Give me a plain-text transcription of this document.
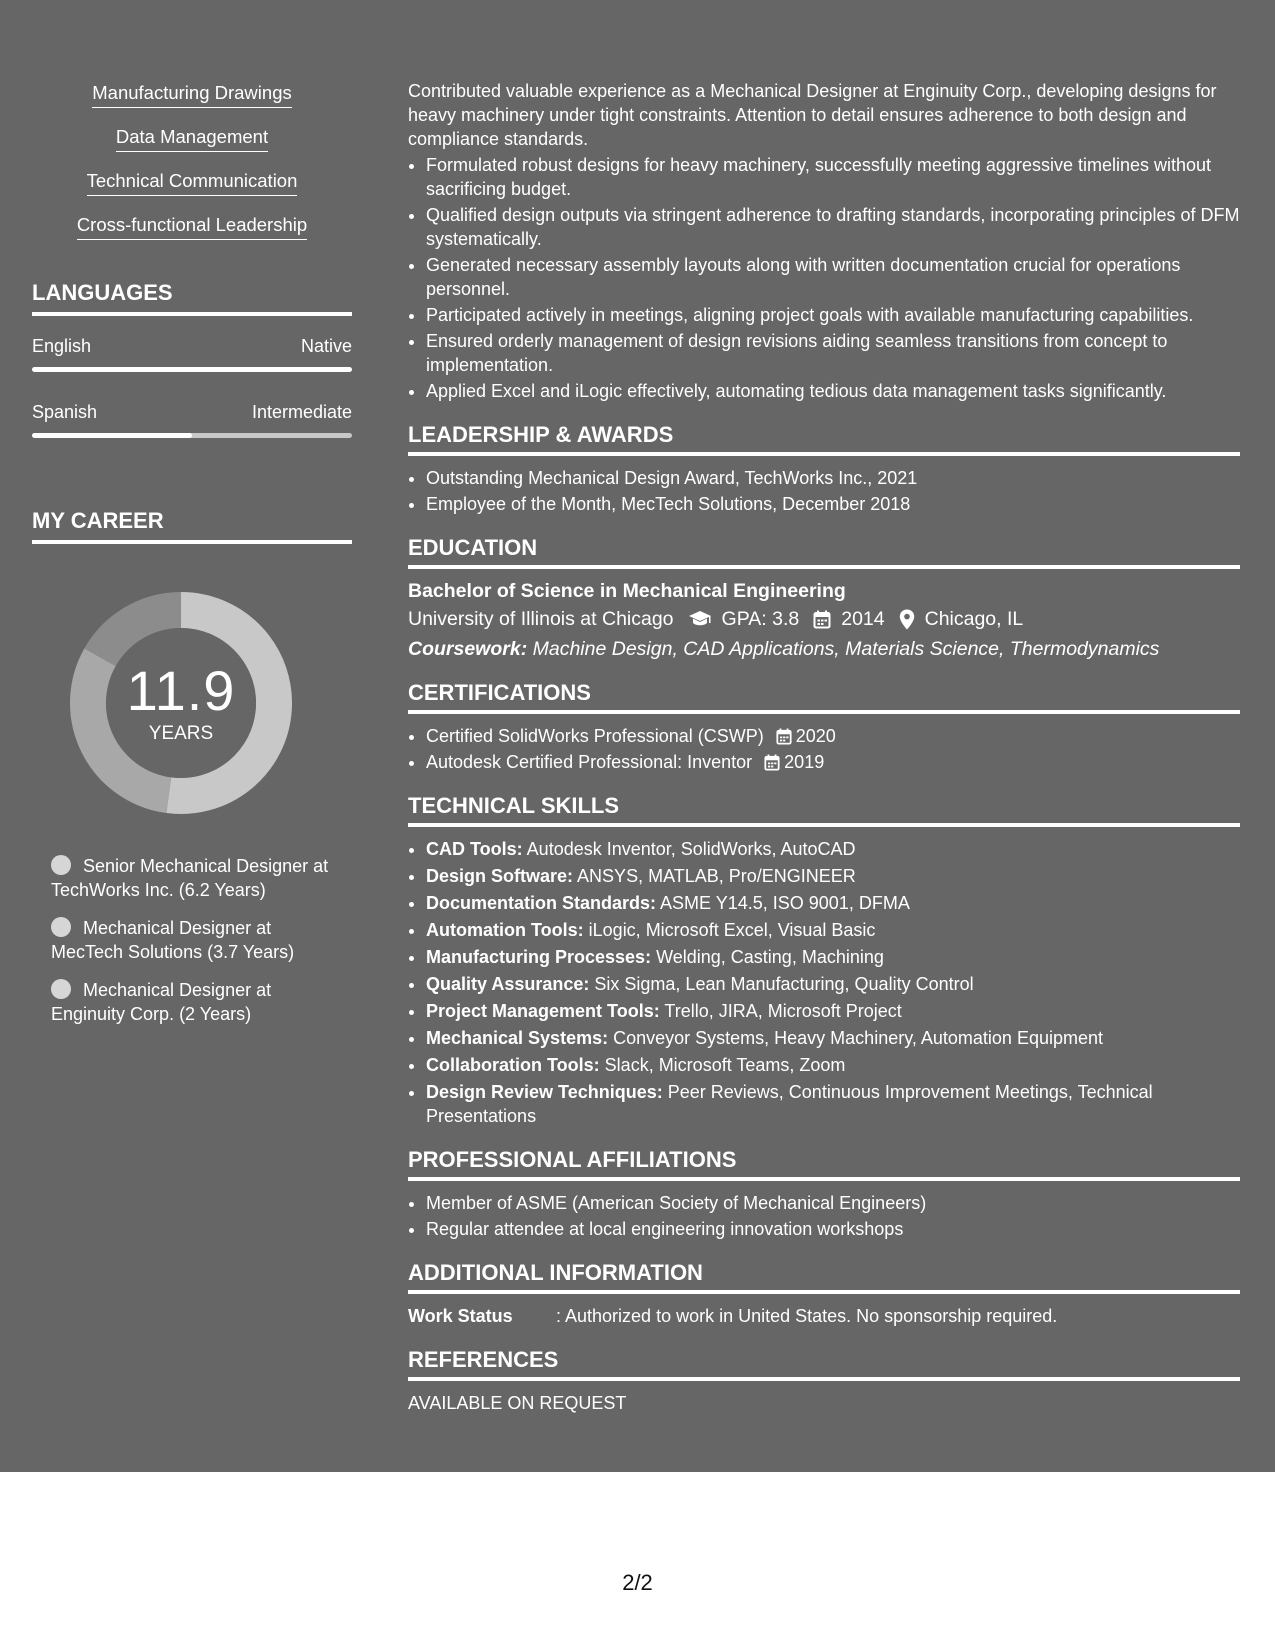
Manufacturing Drawings
Data Management
Technical Communication
Cross-functional Leadership
LANGUAGES
English	Native
Spanish	Intermediate
MY CAREER
11.9
YEARS
Senior Mechanical Designer at TechWorks Inc. (6.2 Years)
Mechanical Designer at MecTech Solutions (3.7 Years)
Mechanical Designer at Enginuity Corp. (2 Years)

Contributed valuable experience as a Mechanical Designer at Enginuity Corp., developing designs for heavy machinery under tight constraints. Attention to detail ensures adherence to both design and compliance standards.

• Formulated robust designs for heavy machinery, successfully meeting aggressive timelines without sacrificing budget.
• Qualified design outputs via stringent adherence to drafting standards, incorporating principles of DFM systematically.
• Generated necessary assembly layouts along with written documentation crucial for operations personnel.
• Participated actively in meetings, aligning project goals with available manufacturing capabilities.
• Ensured orderly management of design revisions aiding seamless transitions from concept to implementation.
• Applied Excel and iLogic effectively, automating tedious data management tasks significantly.
LEADERSHIP & AWARDS
• Outstanding Mechanical Design Award, TechWorks Inc., 2021
• Employee of the Month, MecTech Solutions, December 2018
EDUCATION
Bachelor of Science in Mechanical Engineering
University of Illinois at Chicago GPA: 3.8 2014 Chicago, IL
Coursework: Machine Design, CAD Applications, Materials Science, Thermodynamics
CERTIFICATIONS
• Certified SolidWorks Professional (CSWP) 2020
• Autodesk Certified Professional: Inventor 2019
TECHNICAL SKILLS
• CAD Tools: Autodesk Inventor, SolidWorks, AutoCAD
• Design Software: ANSYS, MATLAB, Pro/ENGINEER
• Documentation Standards: ASME Y14.5, ISO 9001, DFMA
• Automation Tools: iLogic, Microsoft Excel, Visual Basic
• Manufacturing Processes: Welding, Casting, Machining
• Quality Assurance: Six Sigma, Lean Manufacturing, Quality Control
• Project Management Tools: Trello, JIRA, Microsoft Project
• Mechanical Systems: Conveyor Systems, Heavy Machinery, Automation Equipment
• Collaboration Tools: Slack, Microsoft Teams, Zoom
• Design Review Techniques: Peer Reviews, Continuous Improvement Meetings, Technical Presentations
PROFESSIONAL AFFILIATIONS
• Member of ASME (American Society of Mechanical Engineers)
• Regular attendee at local engineering innovation workshops
ADDITIONAL INFORMATION
Work Status	: Authorized to work in United States. No sponsorship required.
REFERENCES
AVAILABLE ON REQUEST
2/2
